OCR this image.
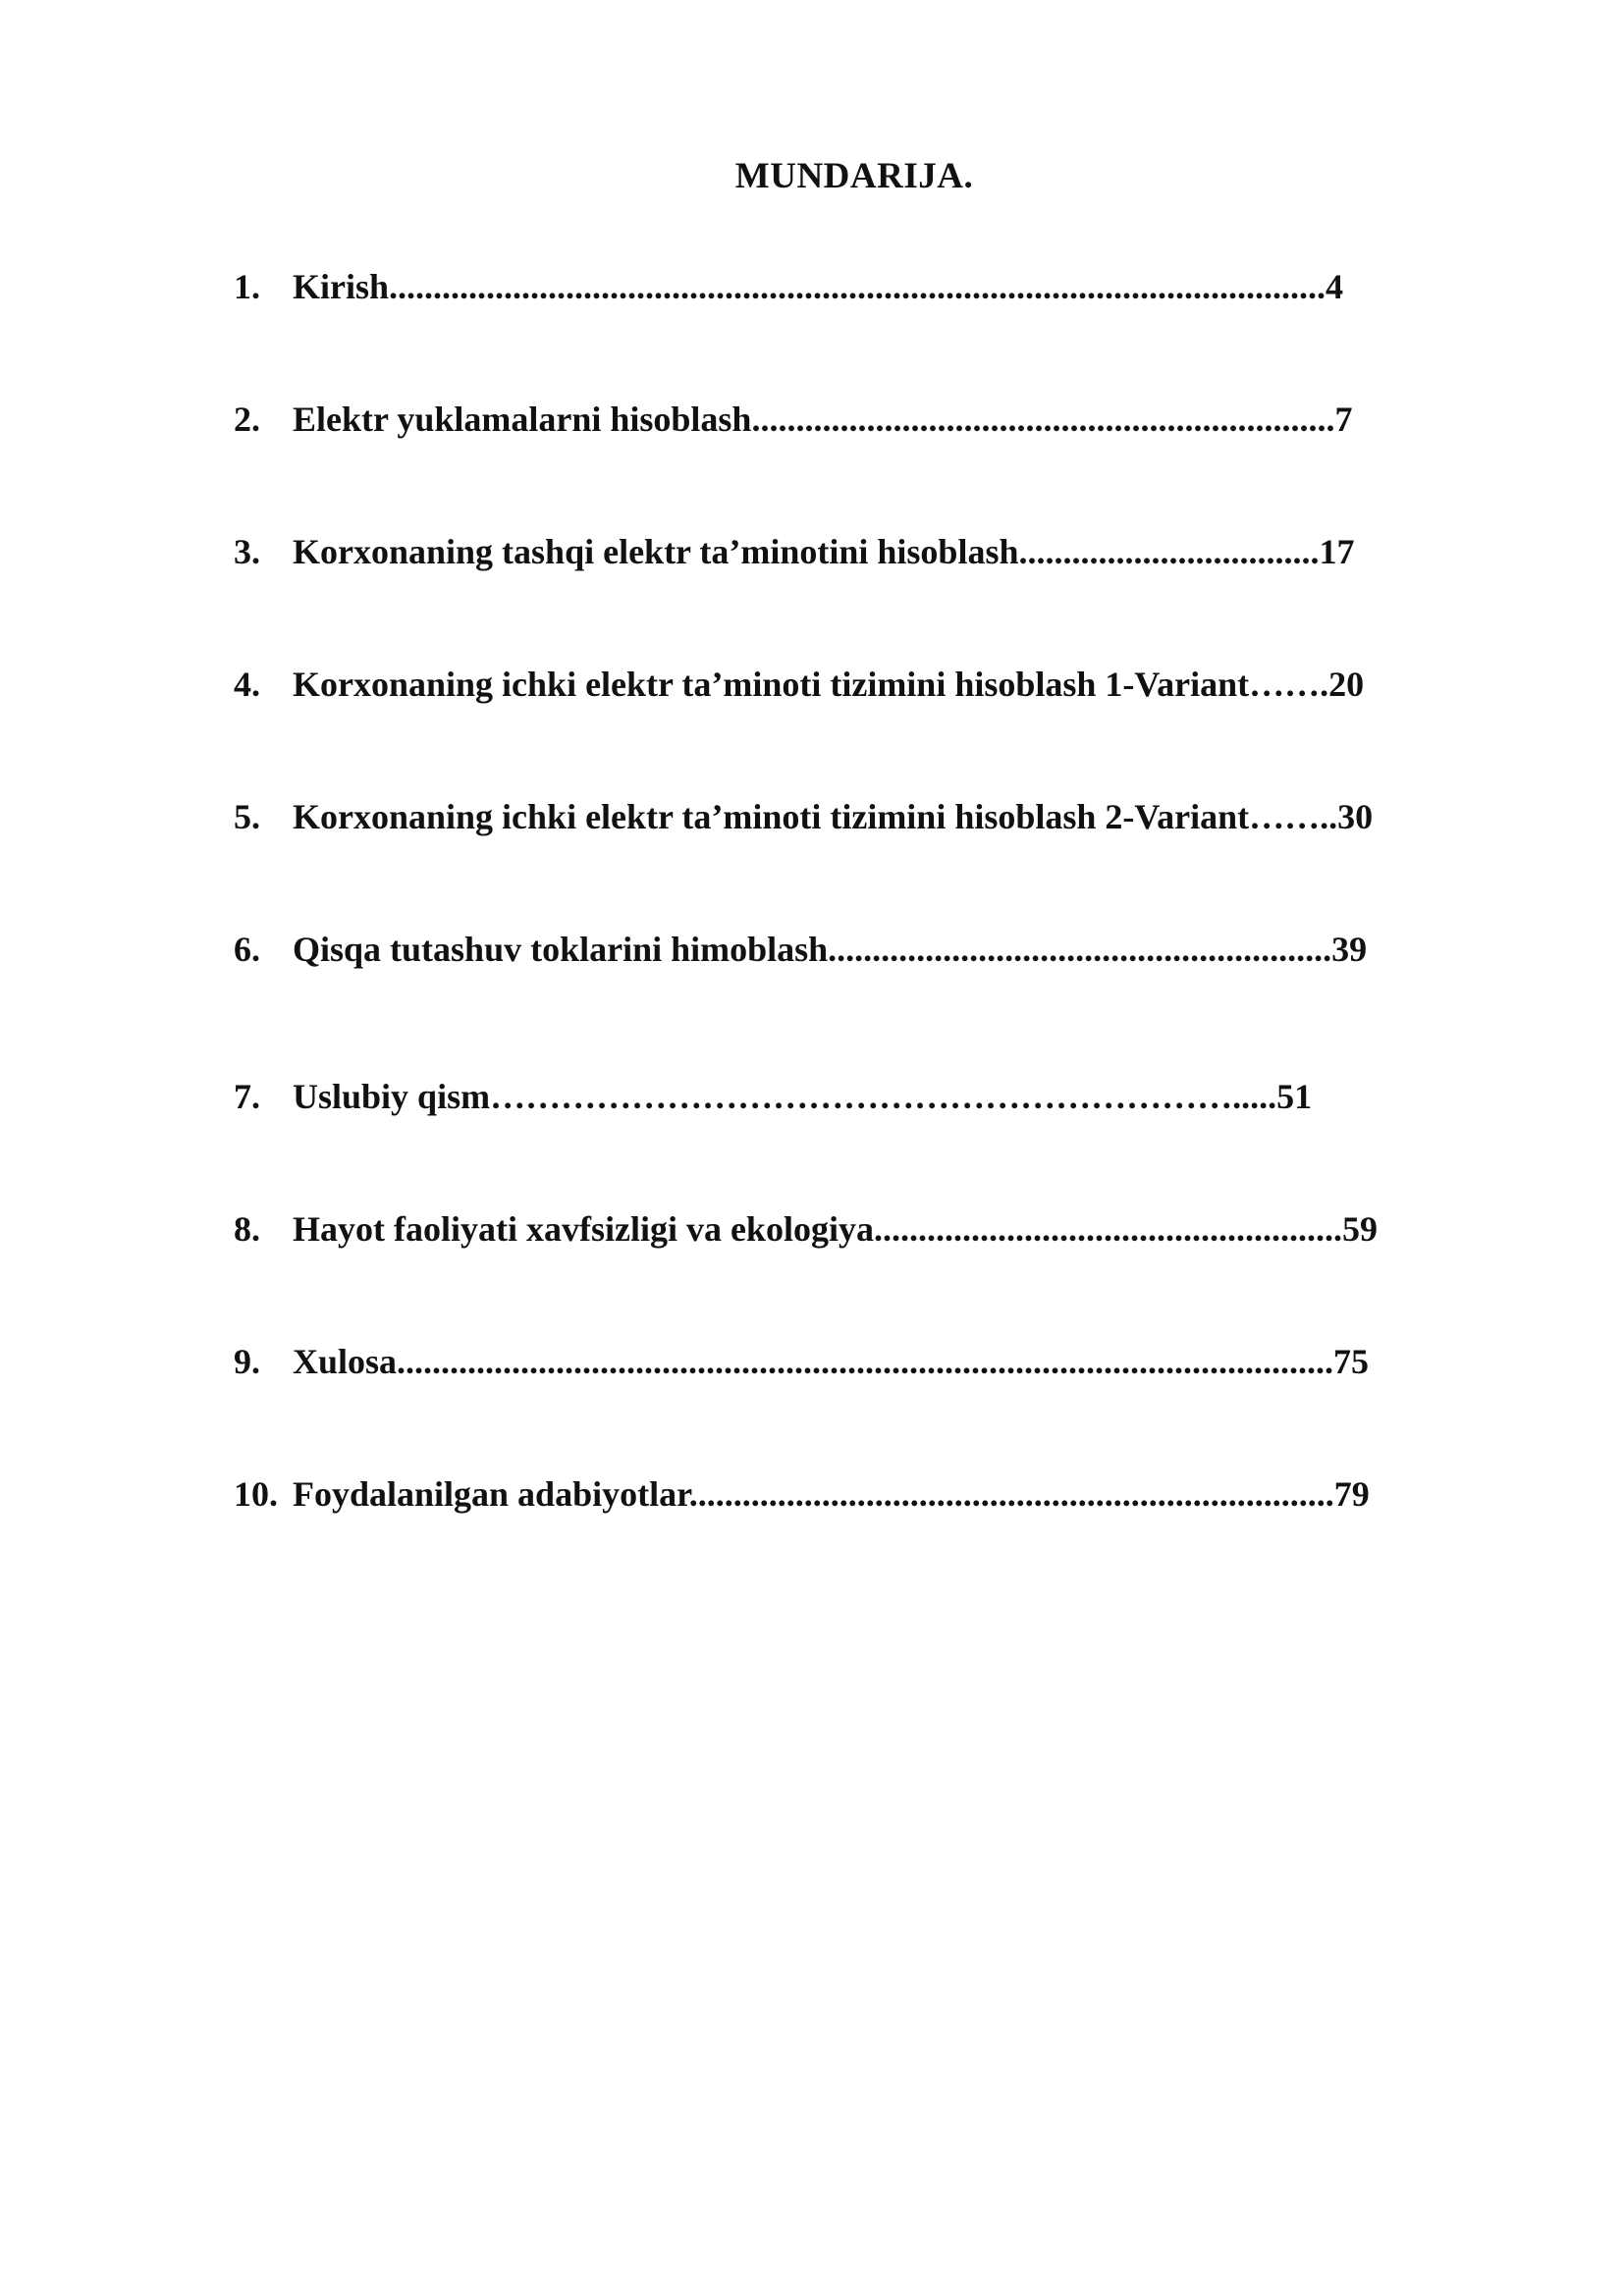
MUNDARIJA.
1. Kirish..........................................................................................................4
2. Elektr yuklamalarni hisoblash..................................................................7
3. Korxonaning tashqi elektr ta’minotini hisoblash..................................17
4. Korxonaning ichki elektr ta’minoti tizimini hisoblash 1-Variant…….20
5. Korxonaning ichki elektr ta’minoti tizimini hisoblash 2-Variant……..30
6. Qisqa tutashuv toklarini himoblash.........................................................39
7. Uslubiy qism……………………………………………………….....51
8. Hayot faoliyati xavfsizligi va ekologiya.....................................................59
9. Xulosa..........................................................................................................75
10. Foydalanilgan adabiyotlar.........................................................................79
